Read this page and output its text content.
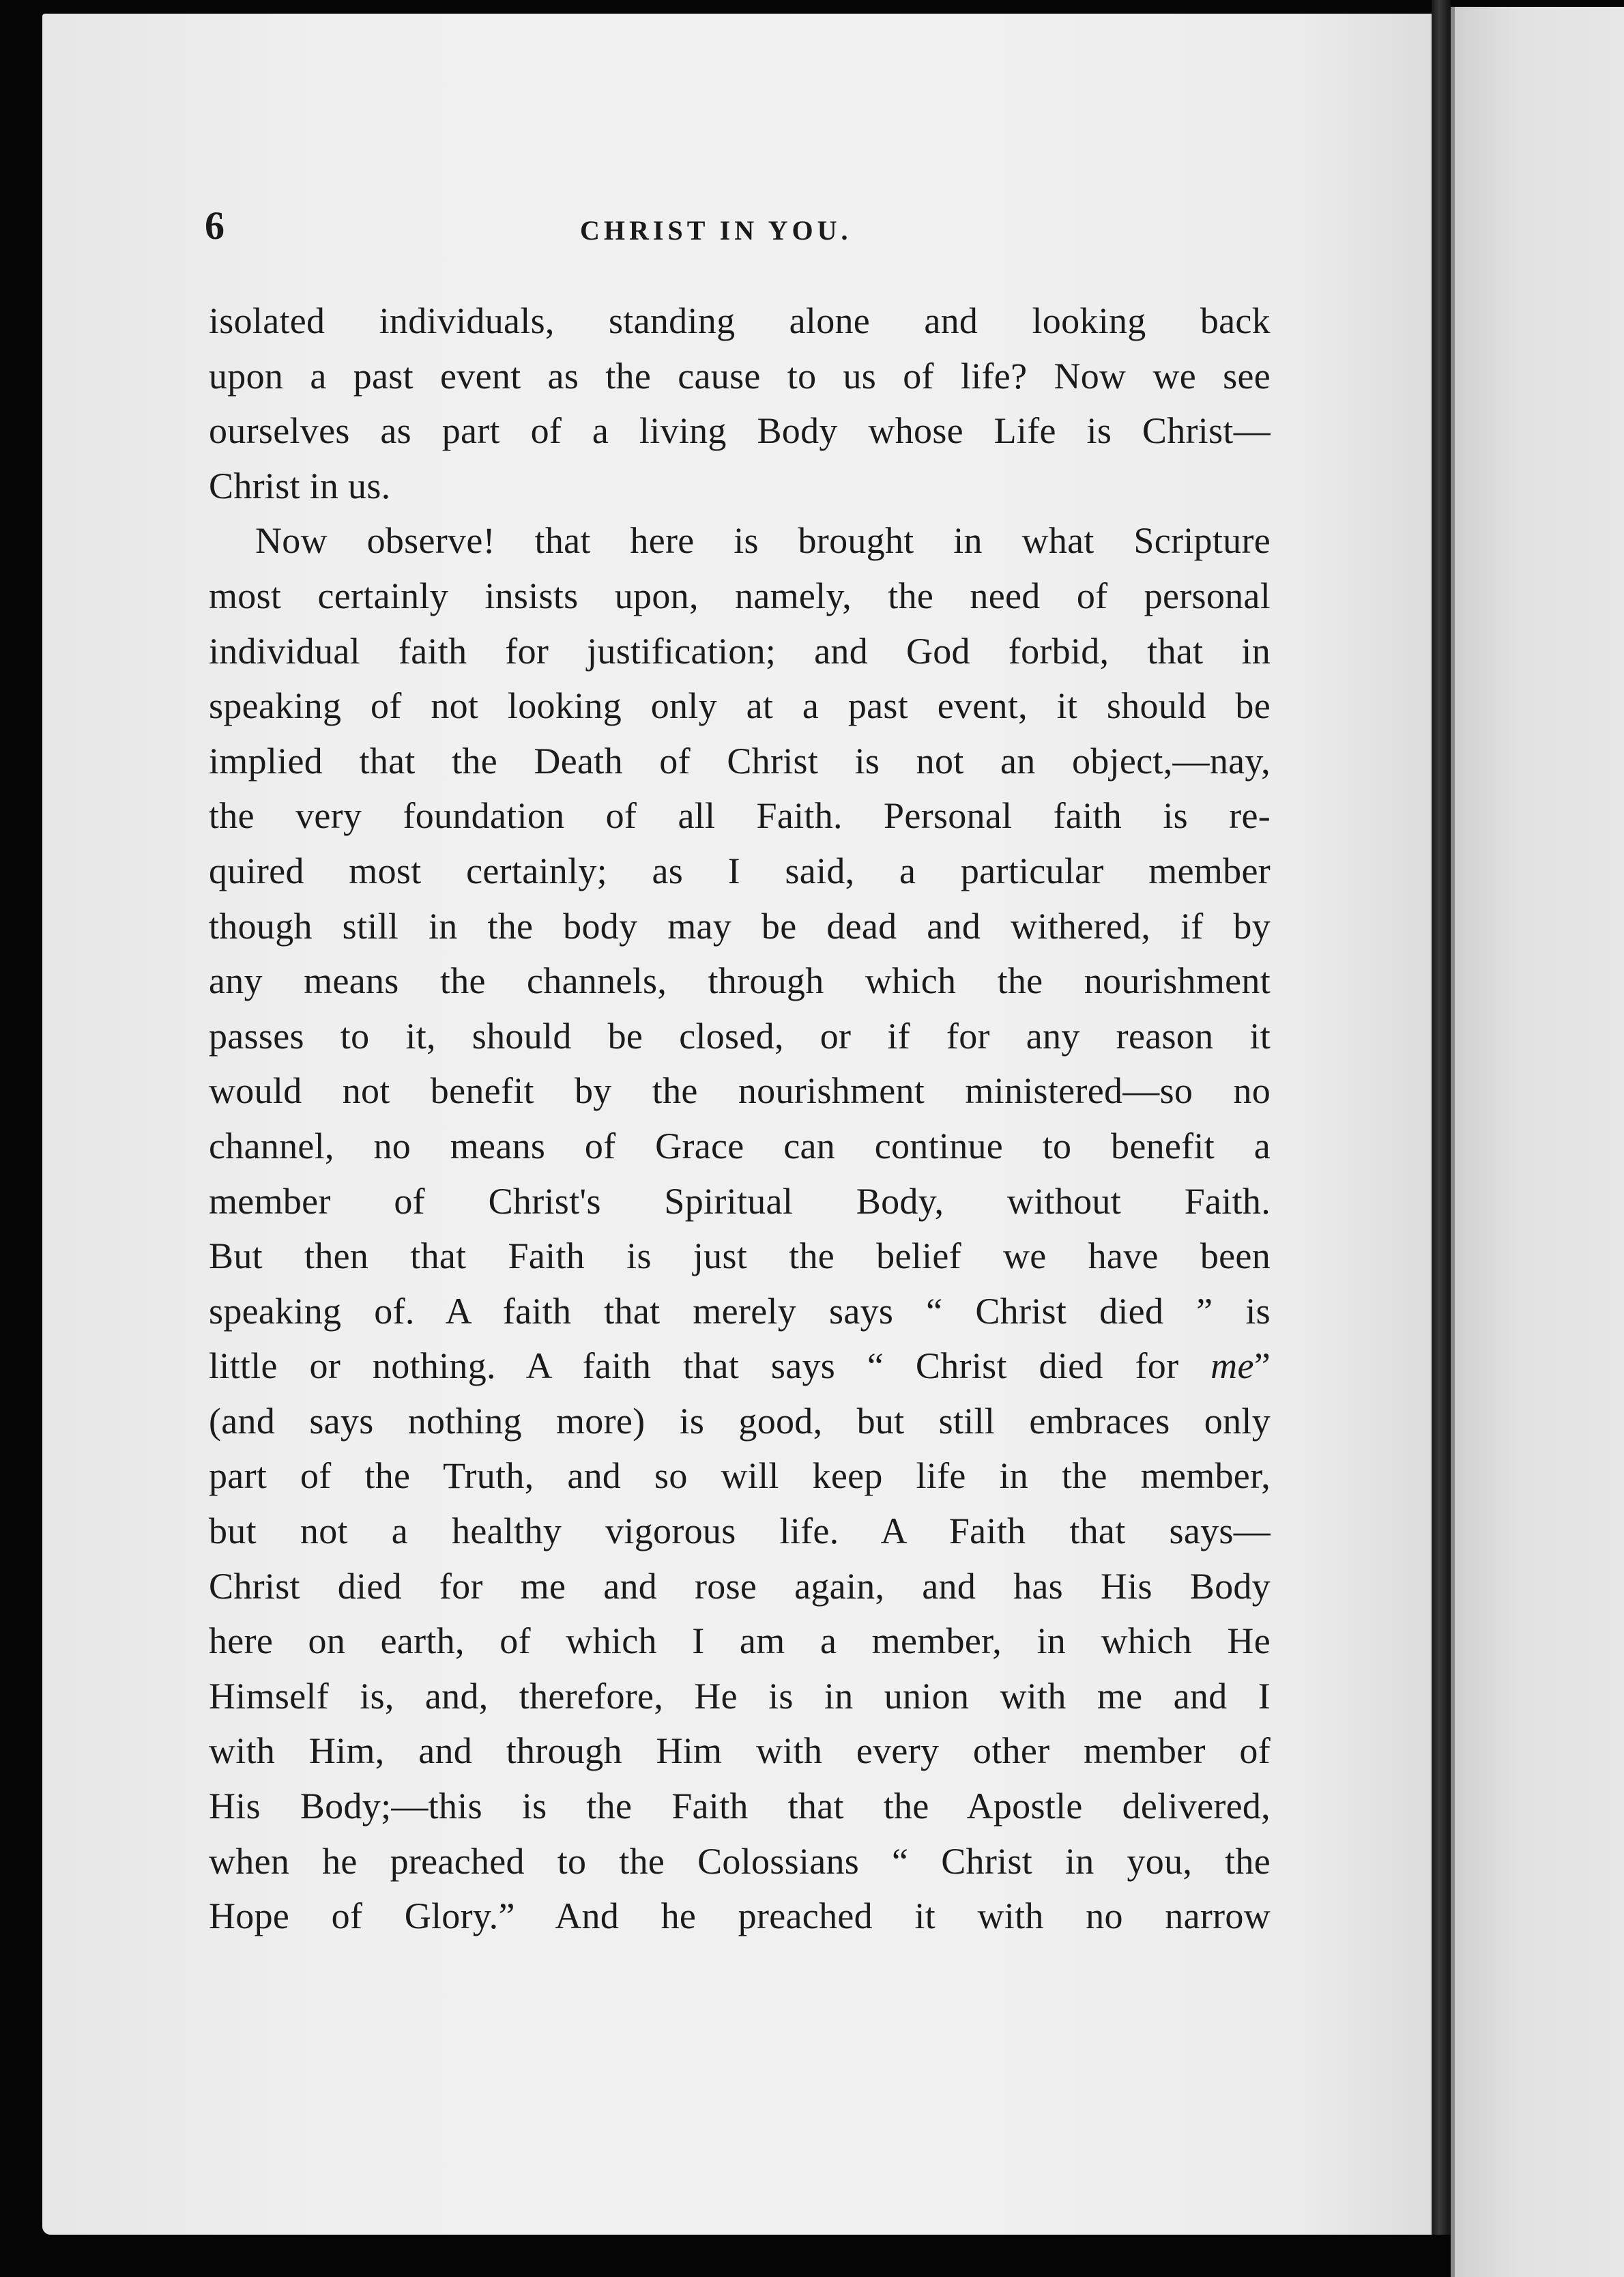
6	CHRIST IN YOU.
isolated individuals, standing alone and looking back
upon a past event as the cause to us of life? Now we see
ourselves as part of a living Body whose Life is Christ—
Christ in us.
Now observe! that here is brought in what Scripture
most certainly insists upon, namely, the need of personal
individual faith for justification; and God forbid, that in
speaking of not looking only at a past event, it should be
implied that the Death of Christ is not an object,—nay,
the very foundation of all Faith. Personal faith is re-
quired most certainly; as I said, a particular member
though still in the body may be dead and withered, if by
any means the channels, through which the nourishment
passes to it, should be closed, or if for any reason it
would not benefit by the nourishment ministered—so no
channel, no means of Grace can continue to benefit a
member of Christ's Spiritual Body, without Faith.
But then that Faith is just the belief we have been
speaking of. A faith that merely says “ Christ died ” is
little or nothing. A faith that says “ Christ died for me”
(and says nothing more) is good, but still embraces only
part of the Truth, and so will keep life in the member,
but not a healthy vigorous life. A Faith that says—
Christ died for me and rose again, and has His Body
here on earth, of which I am a member, in which He
Himself is, and, therefore, He is in union with me and I
with Him, and through Him with every other member of
His Body;—this is the Faith that the Apostle delivered,
when he preached to the Colossians “ Christ in you, the
Hope of Glory.” And he preached it with no narrow
